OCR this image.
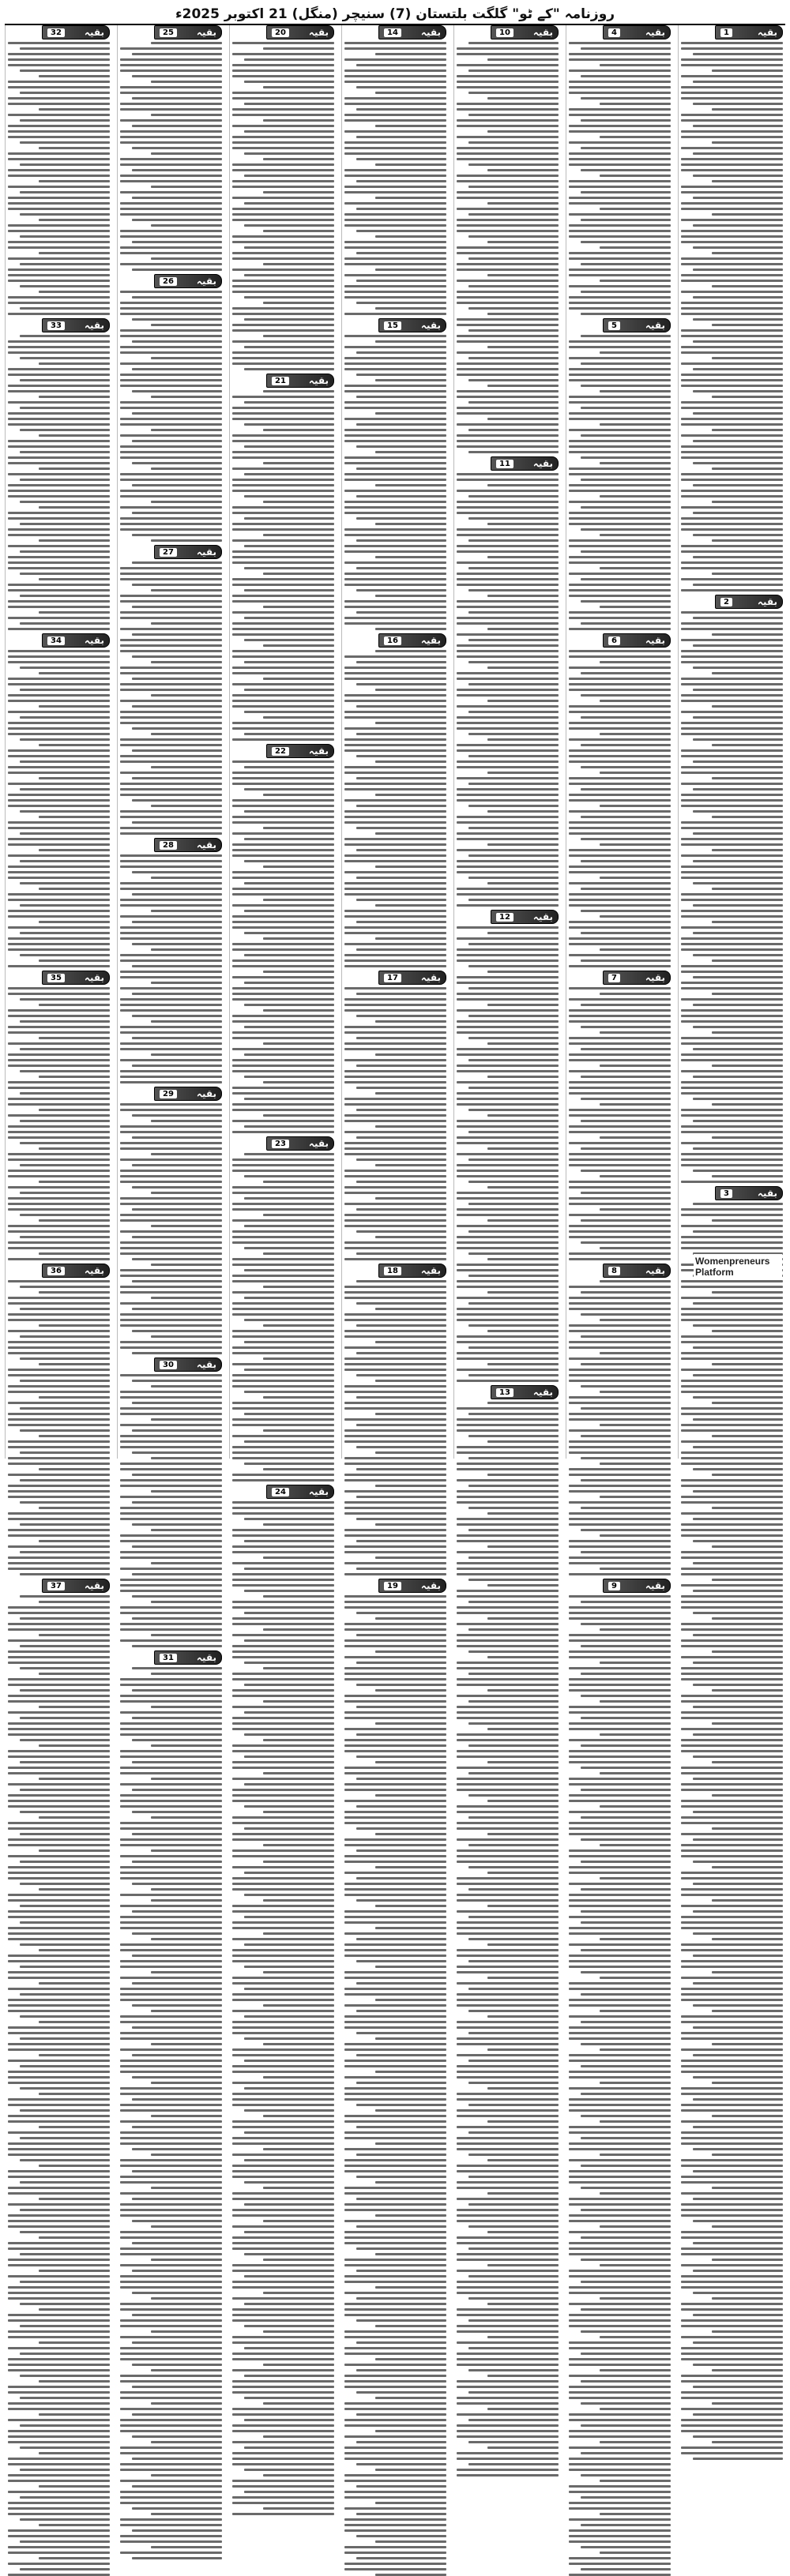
روزنامہ "کے ٹو" گلگت بلتستان (7) سنیچر (منگل) 21 اکتوبر 2025ء
1	بقیہ
2	بقیہ
3	بقیہ
4	بقیہ
5	بقیہ
6	بقیہ
7	بقیہ
8	بقیہ
9	بقیہ
10	بقیہ
11	بقیہ
12	بقیہ
13	بقیہ
14	بقیہ
15	بقیہ
16	بقیہ
17	بقیہ
18	بقیہ
19	بقیہ
20	بقیہ
21	بقیہ
22	بقیہ
23	بقیہ
24	بقیہ
25	بقیہ
26	بقیہ
27	بقیہ
28	بقیہ
29	بقیہ
30	بقیہ
31	بقیہ
32	بقیہ
33	بقیہ
34	بقیہ
35	بقیہ
36	بقیہ
37	بقیہ
Womenpreneurs Platform
